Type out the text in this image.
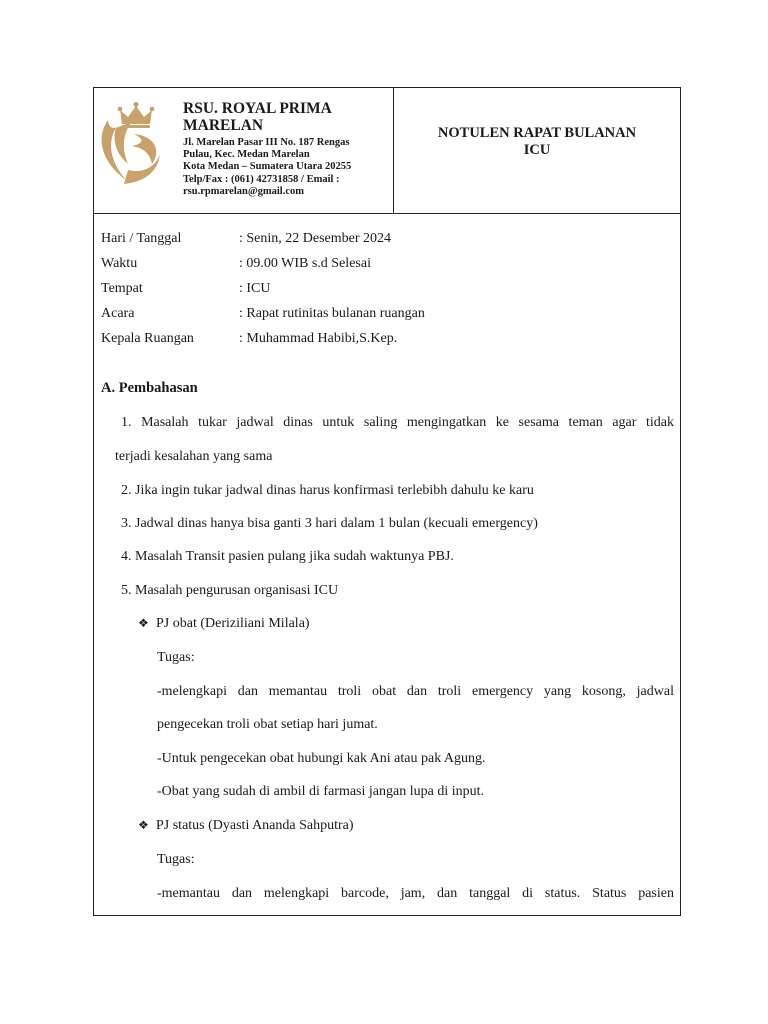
RSU. ROYAL PRIMA MARELAN
Jl. Marelan Pasar III No. 187 Rengas
Pulau, Kec. Medan Marelan
Kota Medan – Sumatera Utara 20255
Telp/Fax : (061) 42731858 / Email :
rsu.rpmarelan@gmail.com
NOTULEN RAPAT BULANAN
ICU
Hari / Tanggal	: Senin, 22 Desember 2024
Waktu	: 09.00 WIB s.d Selesai
Tempat	: ICU
Acara	: Rapat rutinitas bulanan ruangan
Kepala Ruangan	: Muhammad Habibi,S.Kep.
A. Pembahasan
1. Masalah tukar jadwal dinas untuk saling mengingatkan ke sesama teman agar tidak
terjadi kesalahan yang sama
2. Jika ingin tukar jadwal dinas harus konfirmasi terlebibh dahulu ke karu
3. Jadwal dinas hanya bisa ganti 3 hari dalam 1 bulan (kecuali emergency)
4. Masalah Transit pasien pulang jika sudah waktunya PBJ.
5. Masalah pengurusan organisasi ICU
❖ PJ obat (Deriziliani Milala)
Tugas:
-melengkapi dan memantau troli obat dan troli emergency yang kosong, jadwal
pengecekan troli obat setiap hari jumat.
-Untuk pengecekan obat hubungi kak Ani atau pak Agung.
-Obat yang sudah di ambil di farmasi jangan lupa di input.
❖ PJ status (Dyasti Ananda Sahputra)
Tugas:
-memantau dan melengkapi barcode, jam, dan tanggal di status. Status pasien
